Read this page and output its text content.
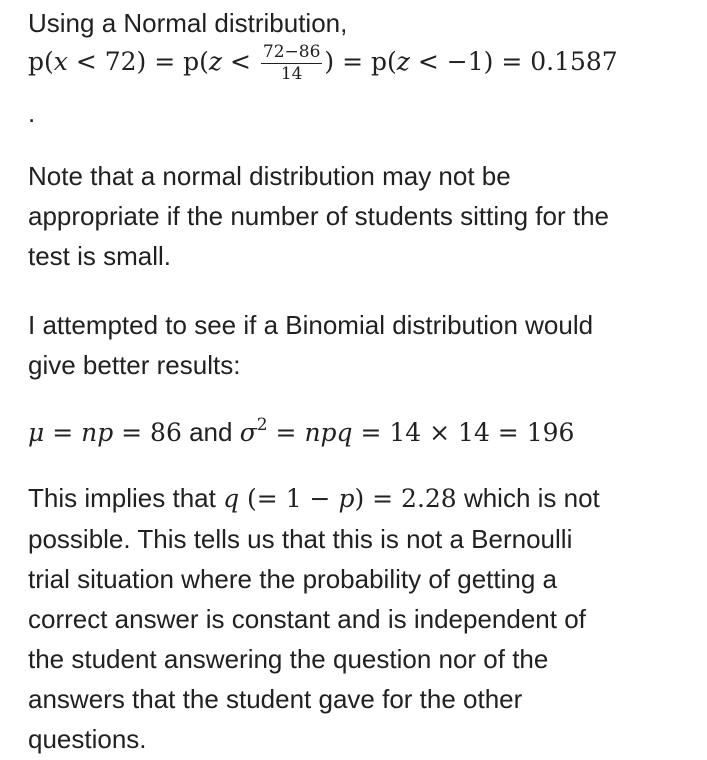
Using a Normal distribution,
$p(x < 72) = p(z < \frac{72-86}{14}$ ) = p(z < −1) = 0.1587
.
Note that a normal distribution may not be
appropriate if the number of students sitting for the
test is small.
I attempted to see if a Binomial distribution would
give better results:
μ = np = 86 and $\sigma^2$ = npq = 14 × 14 = 196
This implies that q (= 1 − p) = 2.28 which is not
possible. This tells us that this is not a Bernoulli
trial situation where the probability of getting a
correct answer is constant and is independent of
the student answering the question nor of the
answers that the student gave for the other
questions.
